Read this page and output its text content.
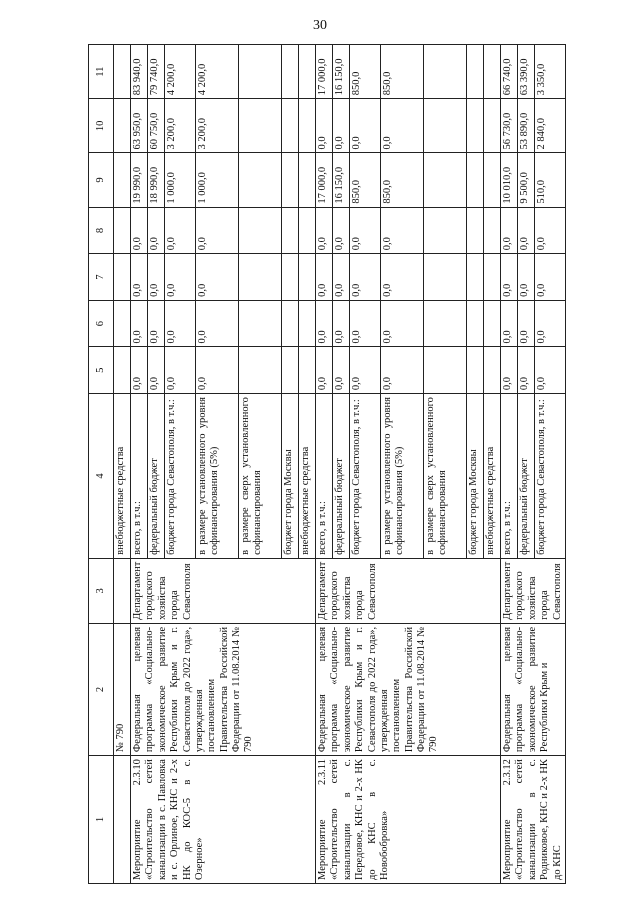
30
1	2	3	4	5	6	7	8	9	10	11
	№ 790		внебюджетные средства							
Мероприятие 2.3.10 «Строительство сетей канализации в с. Павловка и с. Орлиное, КНС и 2-х НК до КОС-5 в с. Озерное»	Федеральная целевая программа «Социально-экономическое развитие Республики Крым и г. Севастополя до 2022 года», утвержденная постановлением Правительства Российской Федерации от 11.08.2014 № 790	Департамент городского хозяйства города Севастополя	всего, в т.ч.:	0,0	0,0	0,0	0,0	19 990,0	63 950,0	83 940,0
			федеральный бюджет	0,0	0,0	0,0	0,0	18 990,0	60 750,0	79 740,0
			бюджет города Севастополя, в т.ч.:	0,0	0,0	0,0	0,0	1 000,0	3 200,0	4 200,0
			в размере установленного уровня софинансирования (5%)	0,0	0,0	0,0	0,0	1 000,0	3 200,0	4 200,0
			в размере сверх установленного софинансирования							
			бюджет города Москвы							
			внебюджетные средства							
Мероприятие 2.3.11 «Строительство сетей канализации в с. Передовое, КНС и 2-х НК до КНС в с. Новобобровка»	Федеральная целевая программа «Социально-экономическое развитие Республики Крым и г. Севастополя до 2022 года», утвержденная постановлением Правительства Российской Федерации от 11.08.2014 № 790	Департамент городского хозяйства города Севастополя	всего, в т.ч.:	0,0	0,0	0,0	0,0	17 000,0	0,0	17 000,0
			федеральный бюджет	0,0	0,0	0,0	0,0	16 150,0	0,0	16 150,0
			бюджет города Севастополя, в т.ч.:	0,0	0,0	0,0	0,0	850,0	0,0	850,0
			в размере установленного уровня софинансирования (5%)	0,0	0,0	0,0	0,0	850,0	0,0	850,0
			в размере сверх установленного софинансирования							
			бюджет города Москвы							
			внебюджетные средства							
Мероприятие 2.3.12 «Строительство сетей канализации в с. Родниковое, КНС и 2-х НК до КНС	Федеральная целевая программа «Социально-экономическое развитие Республики Крым и	Департамент городского хозяйства города Севастополя	всего, в т.ч.:	0,0	0,0	0,0	0,0	10 010,0	56 730,0	66 740,0
			федеральный бюджет	0,0	0,0	0,0	0,0	9 500,0	53 890,0	63 390,0
			бюджет города Севастополя, в т.ч.:	0,0	0,0	0,0	0,0	510,0	2 840,0	3 350,0
